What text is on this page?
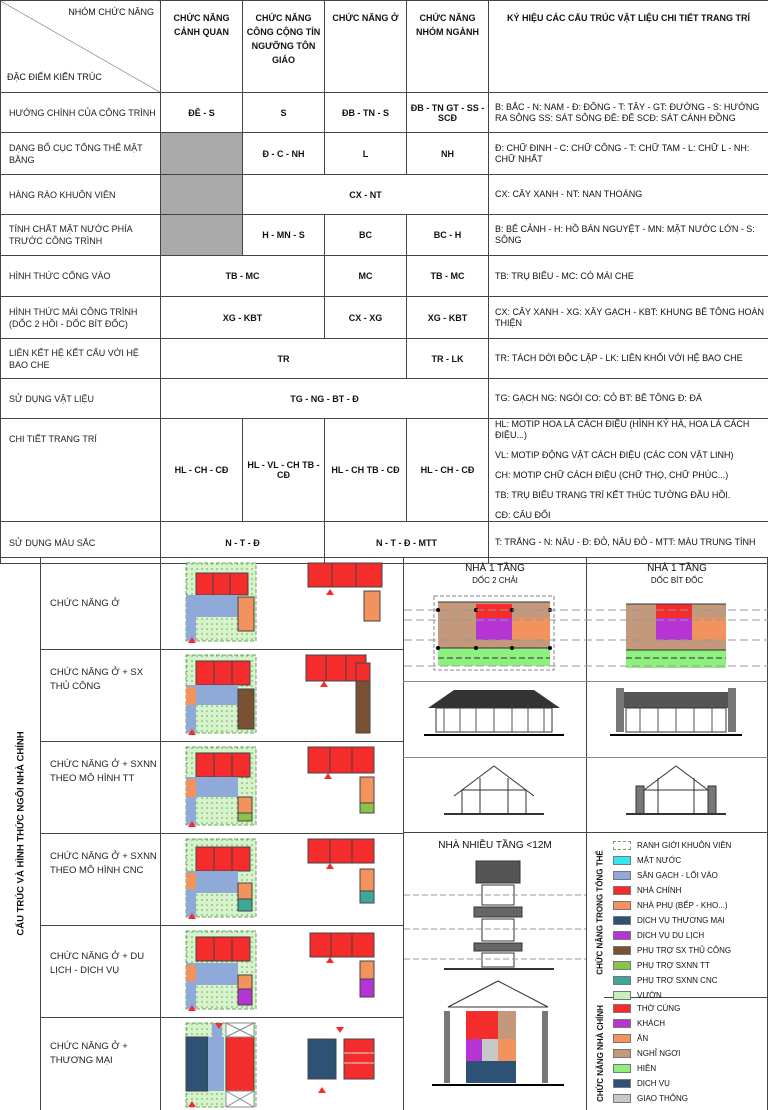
NHÓM CHỨC NĂNG
ĐẶC ĐIỂM KIẾN TRÚC	CHỨC NĂNG CẢNH QUAN	CHỨC NĂNG CÔNG CỘNG TÍN NGƯỠNG TÔN GIÁO	CHỨC NĂNG Ở	CHỨC NĂNG NHÓM NGÀNH	KÝ HIỆU CÁC CẤU TRÚC VẬT LIỆU CHI TIẾT TRANG TRÍ
HƯỚNG CHÍNH CỦA CÔNG TRÌNH	ĐÊ - S	S	ĐB - TN - S	ĐB - TN GT - SS - SCĐ	B: BẮC - N: NAM - Đ: ĐÔNG - T: TÂY - GT: ĐƯỜNG - S: HƯỚNG RA SÔNG SS: SÁT SÔNG ĐÊ: ĐÊ SCĐ: SÁT CÁNH ĐỒNG
DẠNG BỐ CỤC TỔNG THỂ MẶT BẰNG		Đ - C - NH	L	NH	Đ: CHỮ ĐINH - C: CHỮ CÔNG - T: CHỮ TAM - L: CHỮ L - NH: CHỮ NHẤT
HÀNG RÀO KHUÔN VIÊN		CX - NT			CX: CÂY XANH - NT: NAN THOÁNG
TÍNH CHẤT MẶT NƯỚC PHÍA TRƯỚC CÔNG TRÌNH		H - MN - S	BC	BC - H	B: BỂ CẢNH - H: HỒ BÁN NGUYỆT - MN: MẶT NƯỚC LỚN - S: SÔNG
HÌNH THỨC CỔNG VÀO	TB - MC		MC	TB - MC	TB: TRỤ BIỂU - MC: CÓ MÁI CHE
HÌNH THỨC MÁI CÔNG TRÌNH (DỐC 2 HỒI - DỐC BÍT ĐỐC)	XG - KBT		CX - XG	XG - KBT	CX: CÂY XANH - XG: XÂY GẠCH - KBT: KHUNG BÊ TÔNG HOÀN THIỆN
LIÊN KẾT HỆ KẾT CẤU VỚI HỆ BAO CHE	TR			TR - LK	TR: TÁCH DỜI ĐỘC LẬP - LK: LIÊN KHỐI VỚI HỆ BAO CHE
SỬ DỤNG VẬT LIỆU	TG - NG - BT - Đ				TG: GẠCH NG: NGÓI CO: CỎ BT: BÊ TÔNG Đ: ĐÁ
CHI TIẾT TRANG TRÍ	HL - CH - CĐ	HL - VL - CH TB - CĐ	HL - CH TB - CĐ	HL - CH - CĐ	HL: MOTIP HOA LÁ CÁCH ĐIỆU (HÌNH KỶ HÀ, HOA LÁ CÁCH ĐIỆU...)
VL: MOTIP ĐỘNG VẬT CÁCH ĐIỆU (CÁC CON VẬT LINH)
CH: MOTIP CHỮ CÁCH ĐIỆU (CHỮ THỌ, CHỮ PHÚC...)
TB: TRỤ BIỂU TRANG TRÍ KẾT THÚC TƯỜNG ĐẦU HỒI.
CĐ: CÂU ĐỐI

SỬ DỤNG MÀU SẮC	N - T - Đ		N - T - Đ - MTT		T: TRẮNG - N: NÂU - Đ: ĐỎ, NÂU ĐỎ - MTT: MÀU TRUNG TÍNH
CẤU TRÚC VÀ HÌNH THỨC NGÔI NHÀ CHÍNH
CHỨC NĂNG Ở
CHỨC NĂNG Ở + SX THỦ CÔNG
CHỨC NĂNG Ở + SXNN THEO MÔ HÌNH TT
CHỨC NĂNG Ở + SXNN THEO MÔ HÌNH CNC
CHỨC NĂNG Ở + DU LỊCH - DỊCH VỤ
CHỨC NĂNG Ở + THƯƠNG MẠI
NHÀ 1 TẦNG
DỐC 2 CHẢI
NHÀ 1 TẦNG
DỐC BÍT ĐỐC
NHÀ NHIỀU TẦNG <12M
CHỨC NĂNG TRONG TỔNG THỂ
CHỨC NĂNG NHÀ CHÍNH
RANH GIỚI KHUÔN VIÊN
MẶT NƯỚC
SÂN GẠCH - LỐI VÀO
NHÀ CHÍNH
NHÀ PHỤ (BẾP - KHO...)
DỊCH VỤ THƯƠNG MẠI
DỊCH VỤ DU LỊCH
PHỤ TRỢ SX THỦ CÔNG
PHỤ TRỢ SXNN TT
PHỤ TRỢ SXNN CNC
VƯỜN
THỜ CÚNG
KHÁCH
ĂN
NGHỈ NGƠI
HIÊN
DỊCH VỤ
GIAO THÔNG
